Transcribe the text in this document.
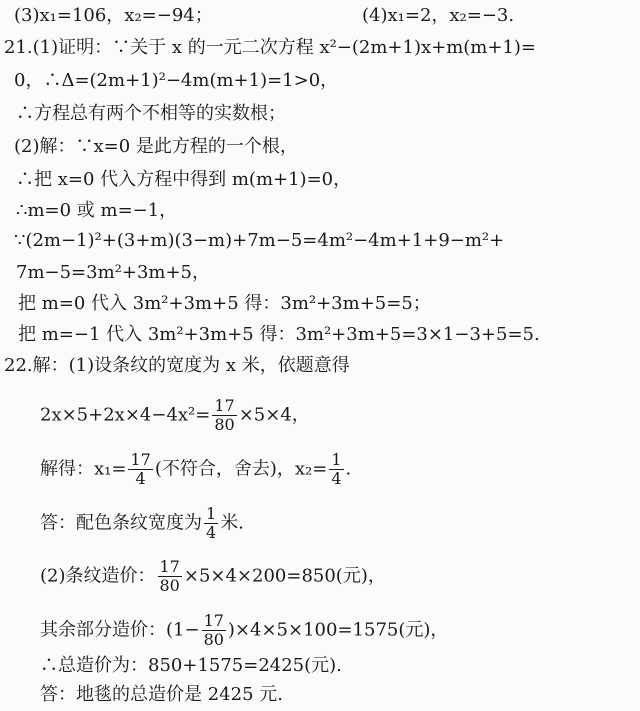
(3)x₁=106，x₂=−94；	(4)x₁=2，x₂=−3.
21.(1)证明：∵关于 x 的一元二次方程 x²−(2m+1)x+m(m+1)=
0，∴Δ=(2m+1)²−4m(m+1)=1>0，
∴方程总有两个不相等的实数根；
(2)解：∵x=0 是此方程的一个根，
∴把 x=0 代入方程中得到 m(m+1)=0，
∴m=0 或 m=−1，
∵(2m−1)²+(3+m)(3−m)+7m−5=4m²−4m+1+9−m²+
7m−5=3m²+3m+5，
把 m=0 代入 3m²+3m+5 得：3m²+3m+5=5；
把 m=−1 代入 3m²+3m+5 得：3m²+3m+5=3×1−3+5=5.
22.解：(1)设条纹的宽度为 x 米，依题意得
$2x\times 5+2x\times 4-4x^2= \frac{17}{80} \times 5\times 4$，
解得：$x_1= \frac{17}{4}$ (不符合，舍去)，$x_2= \frac{1}{4}$ .
答：配色条纹宽度为 $\frac{1}{4}$ 米.
(2)条纹造价： $\frac{17}{80} \times 5\times 4\times 200=850$(元)，
其余部分造价：$(1- \frac{17}{80} )\times 4\times 5\times 100=1575$(元)，
∴总造价为：850+1575=2425(元).
答：地毯的总造价是 2425 元.
